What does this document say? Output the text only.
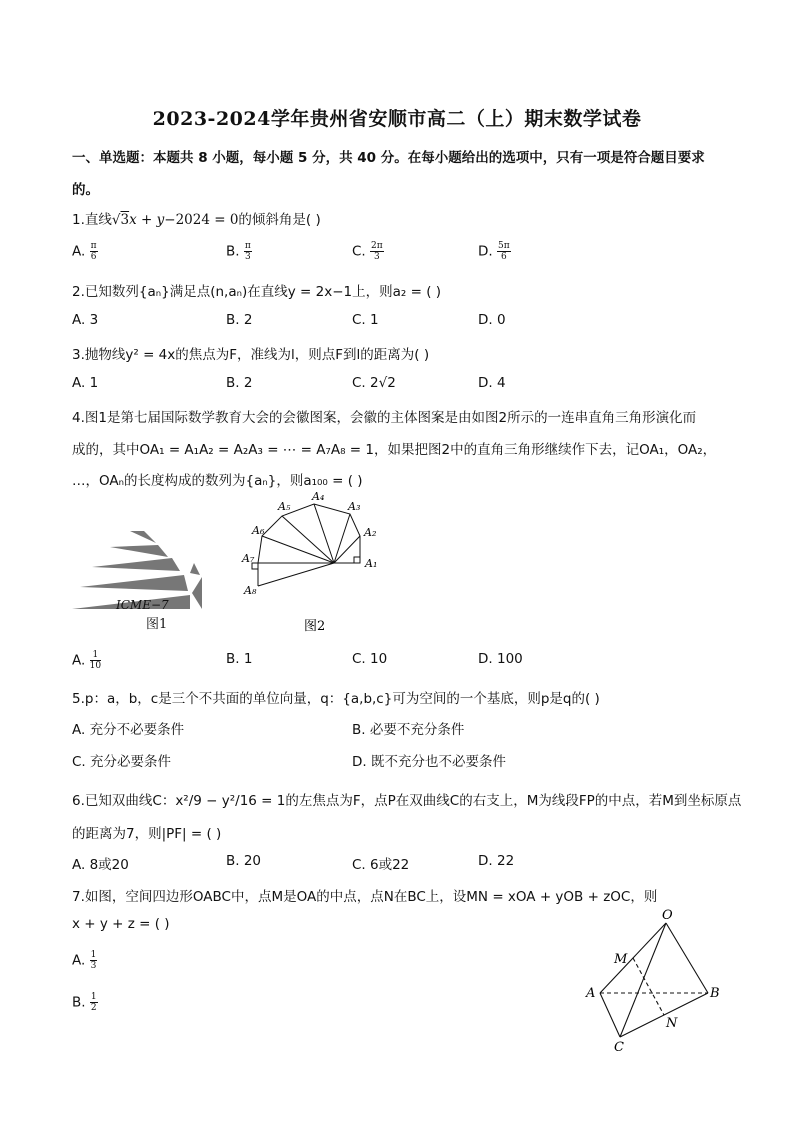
2023-2024学年贵州省安顺市高二（上）期末数学试卷
一、单选题：本题共 8 小题，每小题 5 分，共 40 分。在每小题给出的选项中，只有一项是符合题目要求
的。
1.直线√3x + y−2024 = 0的倾斜角是( )
A. $\frac{\pi}{6}$	B. $\frac{\pi}{3}$	C. $\frac{2\pi}{3}$	D. $\frac{5\pi}{6}$
2.已知数列{aₙ}满足点(n,aₙ)在直线y = 2x−1上，则a₂ = ( )
A. 3	B. 2	C. 1	D. 0
3.抛物线y² = 4x的焦点为F，准线为l，则点F到l的距离为( )
A. 1	B. 2	C. 2√2	D. 4
4.图1是第七届国际数学教育大会的会徽图案，会徽的主体图案是由如图2所示的一连串直角三角形演化而
成的，其中OA₁ = A₁A₂ = A₂A₃ = ⋯ = A₇A₈ = 1，如果把图2中的直角三角形继续作下去，记OA₁，OA₂，
…，OAₙ的长度构成的数列为{aₙ}，则a₁₀₀ = ( )
ICME−7
图1
A₁
A₂
A₃
A₄
A₅
A₆
A₇
A₈
图2
A. $\frac{1}{10}$	B. 1	C. 10	D. 100
5.p：a，b，c是三个不共面的单位向量，q：{a,b,c}可为空间的一个基底，则p是q的( )
A. 充分不必要条件	B. 必要不充分条件
C. 充分必要条件	D. 既不充分也不必要条件
6.已知双曲线C：x²/9 − y²/16 = 1的左焦点为F，点P在双曲线C的右支上，M为线段FP的中点，若M到坐标原点
的距离为7，则|PF| = ( )
A. 8或20	B. 20	C. 6或22	D. 22
7.如图，空间四边形OABC中，点M是OA的中点，点N在BC上，设MN = xOA + yOB + zOC，则
x + y + z = ( )
A. $\frac{1}{3}$
B. $\frac{1}{2}$
O
M
A	B
N
C
